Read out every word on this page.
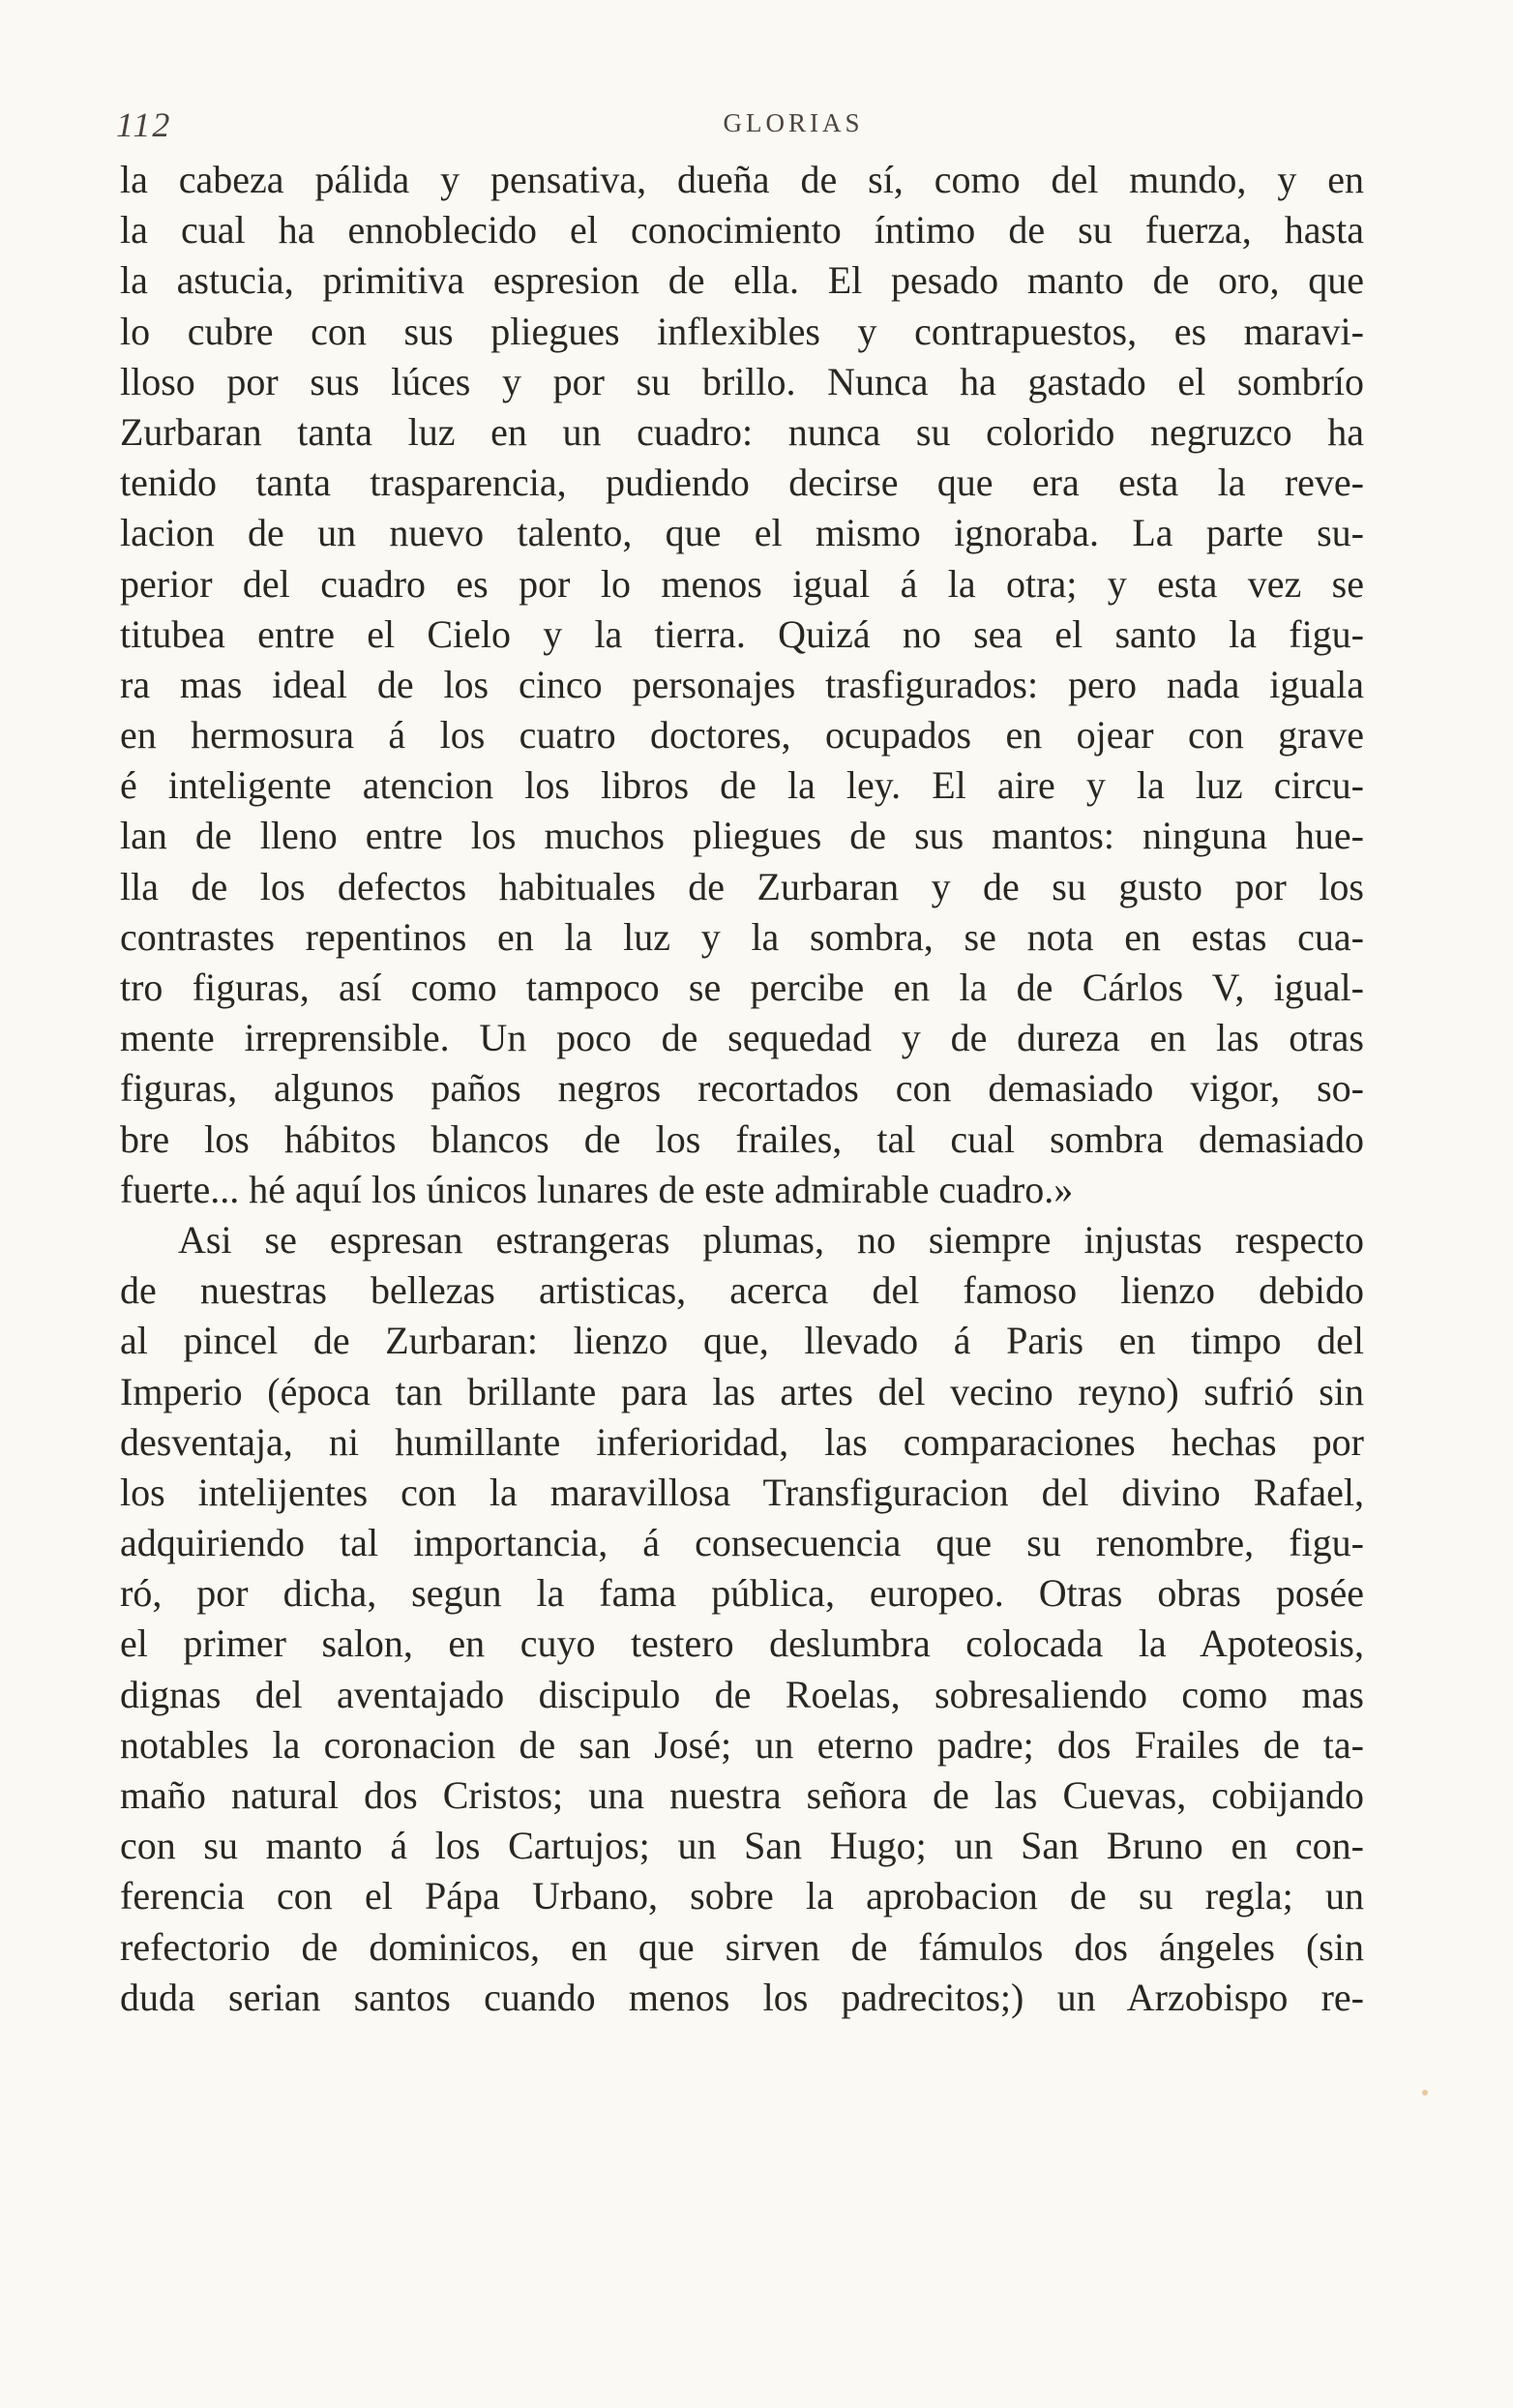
112	GLORIAS
la cabeza pálida y pensativa, dueña de sí, como del mundo, y en
la cual ha ennoblecido el conocimiento íntimo de su fuerza, hasta
la astucia, primitiva espresion de ella. El pesado manto de oro, que
lo cubre con sus pliegues inflexibles y contrapuestos, es maravi-
lloso por sus lúces y por su brillo. Nunca ha gastado el sombrío
Zurbaran tanta luz en un cuadro: nunca su colorido negruzco ha
tenido tanta trasparencia, pudiendo decirse que era esta la reve-
lacion de un nuevo talento, que el mismo ignoraba. La parte su-
perior del cuadro es por lo menos igual á la otra; y esta vez se
titubea entre el Cielo y la tierra. Quizá no sea el santo la figu-
ra mas ideal de los cinco personajes trasfigurados: pero nada iguala
en hermosura á los cuatro doctores, ocupados en ojear con grave
é inteligente atencion los libros de la ley. El aire y la luz circu-
lan de lleno entre los muchos pliegues de sus mantos: ninguna hue-
lla de los defectos habituales de Zurbaran y de su gusto por los
contrastes repentinos en la luz y la sombra, se nota en estas cua-
tro figuras, así como tampoco se percibe en la de Cárlos V, igual-
mente irreprensible. Un poco de sequedad y de dureza en las otras
figuras, algunos paños negros recortados con demasiado vigor, so-
bre los hábitos blancos de los frailes, tal cual sombra demasiado
fuerte... hé aquí los únicos lunares de este admirable cuadro.»
Asi se espresan estrangeras plumas, no siempre injustas respecto
de nuestras bellezas artisticas, acerca del famoso lienzo debido
al pincel de Zurbaran: lienzo que, llevado á Paris en timpo del
Imperio (época tan brillante para las artes del vecino reyno) sufrió sin
desventaja, ni humillante inferioridad, las comparaciones hechas por
los intelijentes con la maravillosa Transfiguracion del divino Rafael,
adquiriendo tal importancia, á consecuencia que su renombre, figu-
ró, por dicha, segun la fama pública, europeo. Otras obras posée
el primer salon, en cuyo testero deslumbra colocada la Apoteosis,
dignas del aventajado discipulo de Roelas, sobresaliendo como mas
notables la coronacion de san José; un eterno padre; dos Frailes de ta-
maño natural dos Cristos; una nuestra señora de las Cuevas, cobijando
con su manto á los Cartujos; un San Hugo; un San Bruno en con-
ferencia con el Pápa Urbano, sobre la aprobacion de su regla; un
refectorio de dominicos, en que sirven de fámulos dos ángeles (sin
duda serian santos cuando menos los padrecitos;) un Arzobispo re-
